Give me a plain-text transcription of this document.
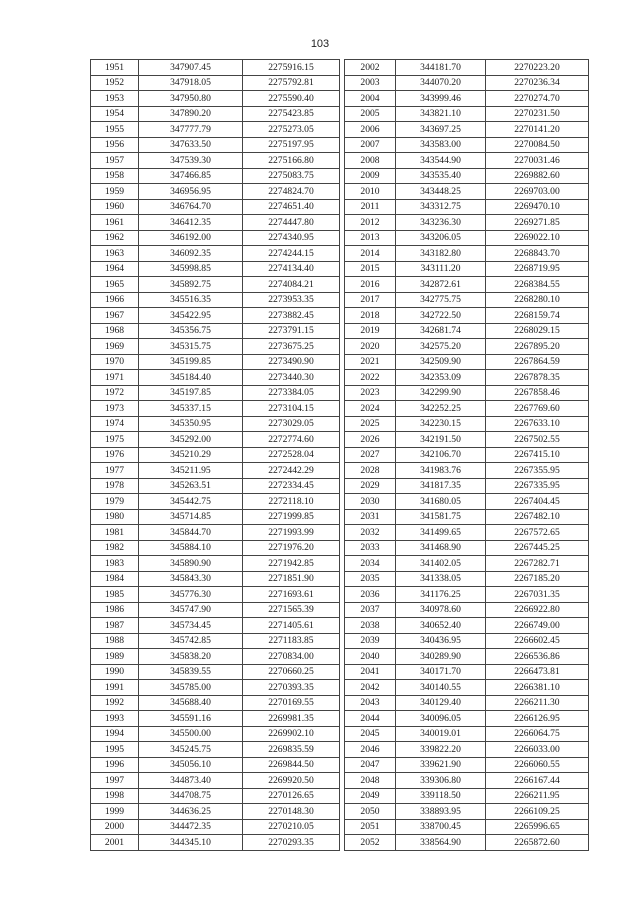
103
1951	347907.45	2275916.15
1952	347918.05	2275792.81
1953	347950.80	2275590.40
1954	347890.20	2275423.85
1955	347777.79	2275273.05
1956	347633.50	2275197.95
1957	347539.30	2275166.80
1958	347466.85	2275083.75
1959	346956.95	2274824.70
1960	346764.70	2274651.40
1961	346412.35	2274447.80
1962	346192.00	2274340.95
1963	346092.35	2274244.15
1964	345998.85	2274134.40
1965	345892.75	2274084.21
1966	345516.35	2273953.35
1967	345422.95	2273882.45
1968	345356.75	2273791.15
1969	345315.75	2273675.25
1970	345199.85	2273490.90
1971	345184.40	2273440.30
1972	345197.85	2273384.05
1973	345337.15	2273104.15
1974	345350.95	2273029.05
1975	345292.00	2272774.60
1976	345210.29	2272528.04
1977	345211.95	2272442.29
1978	345263.51	2272334.45
1979	345442.75	2272118.10
1980	345714.85	2271999.85
1981	345844.70	2271993.99
1982	345884.10	2271976.20
1983	345890.90	2271942.85
1984	345843.30	2271851.90
1985	345776.30	2271693.61
1986	345747.90	2271565.39
1987	345734.45	2271405.61
1988	345742.85	2271183.85
1989	345838.20	2270834.00
1990	345839.55	2270660.25
1991	345785.00	2270393.35
1992	345688.40	2270169.55
1993	345591.16	2269981.35
1994	345500.00	2269902.10
1995	345245.75	2269835.59
1996	345056.10	2269844.50
1997	344873.40	2269920.50
1998	344708.75	2270126.65
1999	344636.25	2270148.30
2000	344472.35	2270210.05
2001	344345.10	2270293.35
2002	344181.70	2270223.20
2003	344070.20	2270236.34
2004	343999.46	2270274.70
2005	343821.10	2270231.50
2006	343697.25	2270141.20
2007	343583.00	2270084.50
2008	343544.90	2270031.46
2009	343535.40	2269882.60
2010	343448.25	2269703.00
2011	343312.75	2269470.10
2012	343236.30	2269271.85
2013	343206.05	2269022.10
2014	343182.80	2268843.70
2015	343111.20	2268719.95
2016	342872.61	2268384.55
2017	342775.75	2268280.10
2018	342722.50	2268159.74
2019	342681.74	2268029.15
2020	342575.20	2267895.20
2021	342509.90	2267864.59
2022	342353.09	2267878.35
2023	342299.90	2267858.46
2024	342252.25	2267769.60
2025	342230.15	2267633.10
2026	342191.50	2267502.55
2027	342106.70	2267415.10
2028	341983.76	2267355.95
2029	341817.35	2267335.95
2030	341680.05	2267404.45
2031	341581.75	2267482.10
2032	341499.65	2267572.65
2033	341468.90	2267445.25
2034	341402.05	2267282.71
2035	341338.05	2267185.20
2036	341176.25	2267031.35
2037	340978.60	2266922.80
2038	340652.40	2266749.00
2039	340436.95	2266602.45
2040	340289.90	2266536.86
2041	340171.70	2266473.81
2042	340140.55	2266381.10
2043	340129.40	2266211.30
2044	340096.05	2266126.95
2045	340019.01	2266064.75
2046	339822.20	2266033.00
2047	339621.90	2266060.55
2048	339306.80	2266167.44
2049	339118.50	2266211.95
2050	338893.95	2266109.25
2051	338700.45	2265996.65
2052	338564.90	2265872.60
